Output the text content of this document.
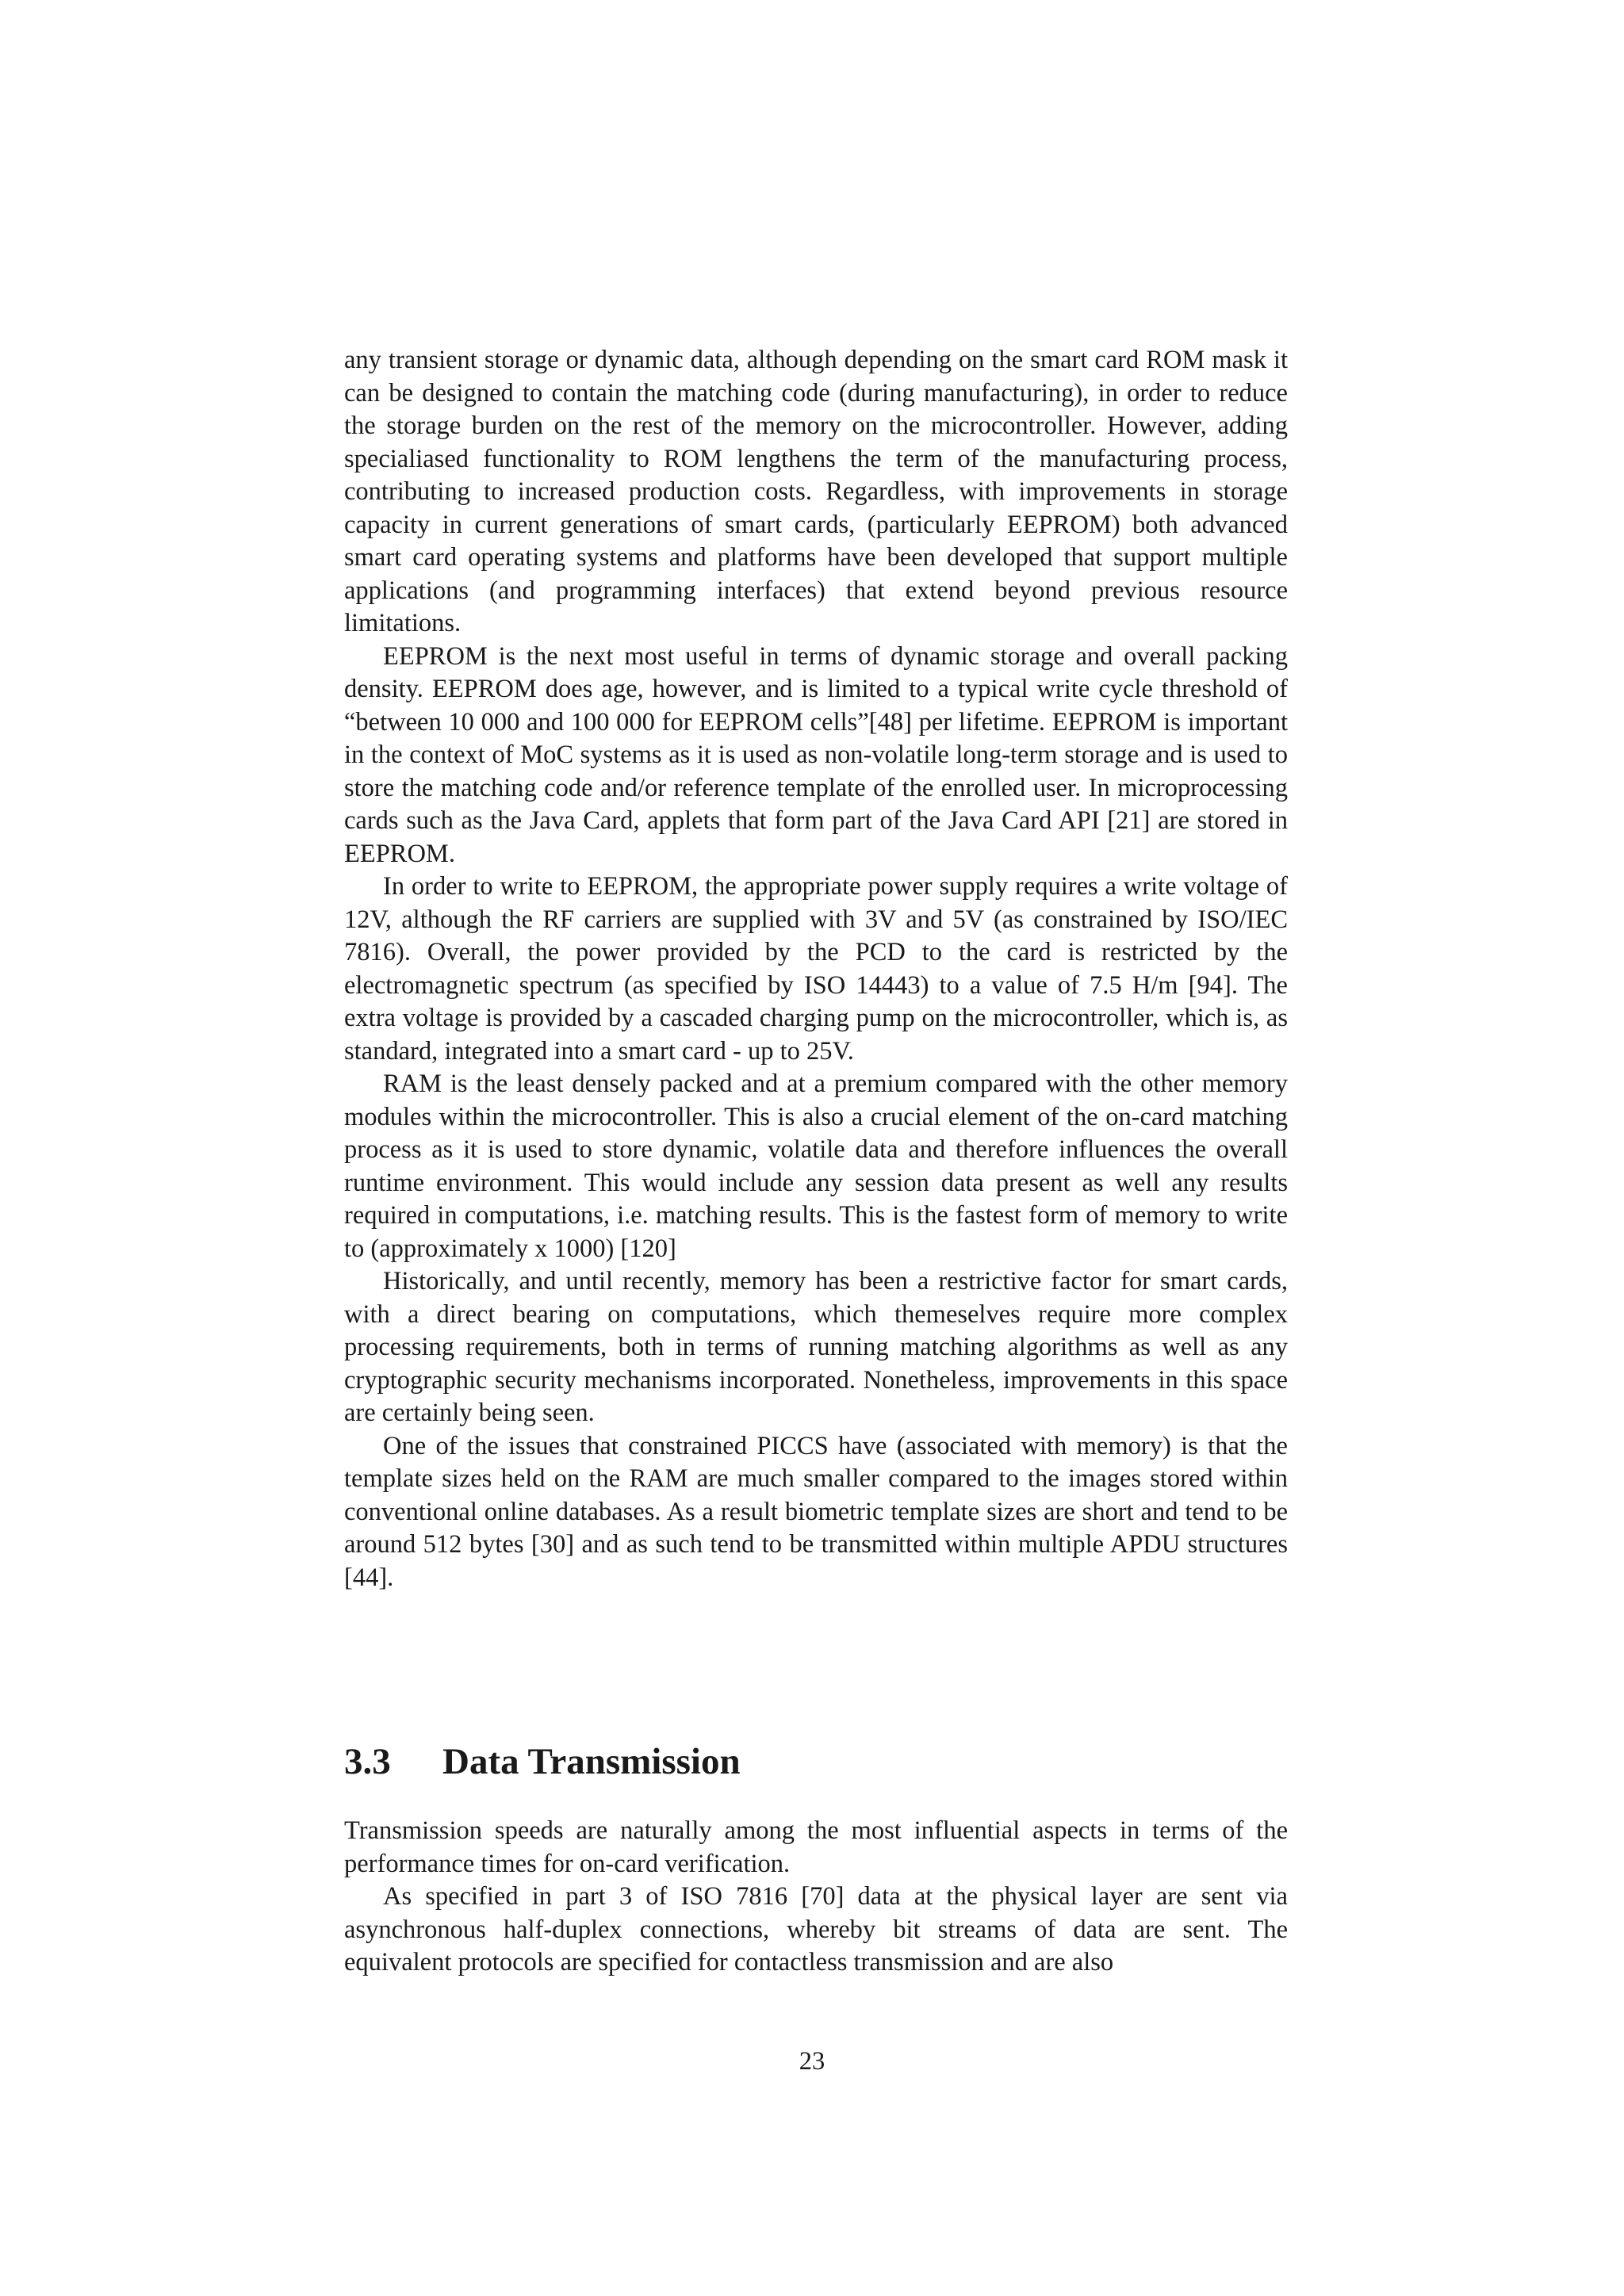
any transient storage or dynamic data, although depending on the smart card ROM mask it can be designed to contain the matching code (during manufacturing), in order to reduce the storage burden on the rest of the memory on the microcontroller. However, adding specialiased functionality to ROM lengthens the term of the manufacturing process, contributing to increased production costs. Regardless, with improvements in storage capacity in current generations of smart cards, (particularly EEPROM) both advanced smart card operating systems and platforms have been developed that support multiple applications (and programming interfaces) that extend beyond previous resource limitations.

EEPROM is the next most useful in terms of dynamic storage and overall packing density. EEPROM does age, however, and is limited to a typical write cycle threshold of “between 10 000 and 100 000 for EEPROM cells”[48] per lifetime. EEPROM is important in the context of MoC systems as it is used as non-volatile long-term storage and is used to store the matching code and/or reference template of the enrolled user. In microprocessing cards such as the Java Card, applets that form part of the Java Card API [21] are stored in EEPROM.

In order to write to EEPROM, the appropriate power supply requires a write voltage of 12V, although the RF carriers are supplied with 3V and 5V (as constrained by ISO/IEC 7816). Overall, the power provided by the PCD to the card is restricted by the electromagnetic spectrum (as specified by ISO 14443) to a value of 7.5 H/m [94]. The extra voltage is provided by a cascaded charging pump on the microcontroller, which is, as standard, integrated into a smart card - up to 25V.

RAM is the least densely packed and at a premium compared with the other memory modules within the microcontroller. This is also a crucial element of the on-card matching process as it is used to store dynamic, volatile data and therefore influences the overall runtime environment. This would include any session data present as well any results required in computations, i.e. matching results. This is the fastest form of memory to write to (approximately x 1000) [120]

Historically, and until recently, memory has been a restrictive factor for smart cards, with a direct bearing on computations, which themeselves require more complex processing requirements, both in terms of running matching algorithms as well as any cryptographic security mechanisms incorporated. Nonetheless, improvements in this space are certainly being seen.

One of the issues that constrained PICCS have (associated with memory) is that the template sizes held on the RAM are much smaller compared to the images stored within conventional online databases. As a result biometric template sizes are short and tend to be around 512 bytes [30] and as such tend to be transmitted within multiple APDU structures [44].

3.3 Data Transmission

Transmission speeds are naturally among the most influential aspects in terms of the performance times for on-card verification.

As specified in part 3 of ISO 7816 [70] data at the physical layer are sent via asynchronous half-duplex connections, whereby bit streams of data are sent. The equivalent protocols are specified for contactless transmission and are also

23
